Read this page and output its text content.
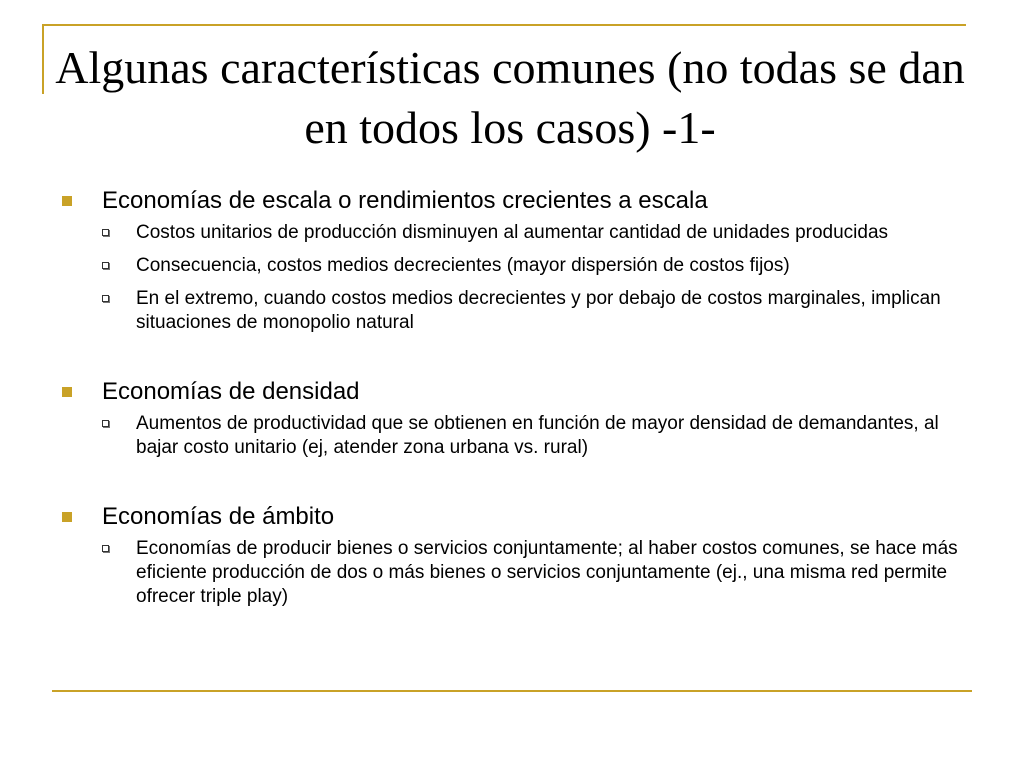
Algunas características comunes (no todas se dan en todos los casos) -1-
Economías de escala o rendimientos crecientes a escala
Costos unitarios de producción disminuyen al aumentar cantidad de unidades producidas
Consecuencia, costos medios decrecientes (mayor dispersión de costos fijos)
En el extremo, cuando costos medios decrecientes y por debajo de costos marginales, implican situaciones de monopolio natural
Economías de densidad
Aumentos de productividad que se obtienen en función de mayor densidad de demandantes, al bajar costo unitario (ej, atender zona urbana vs. rural)
Economías de ámbito
Economías de producir bienes o servicios conjuntamente; al haber costos comunes, se hace más eficiente producción de dos o más bienes o servicios conjuntamente (ej., una misma red permite ofrecer triple play)
